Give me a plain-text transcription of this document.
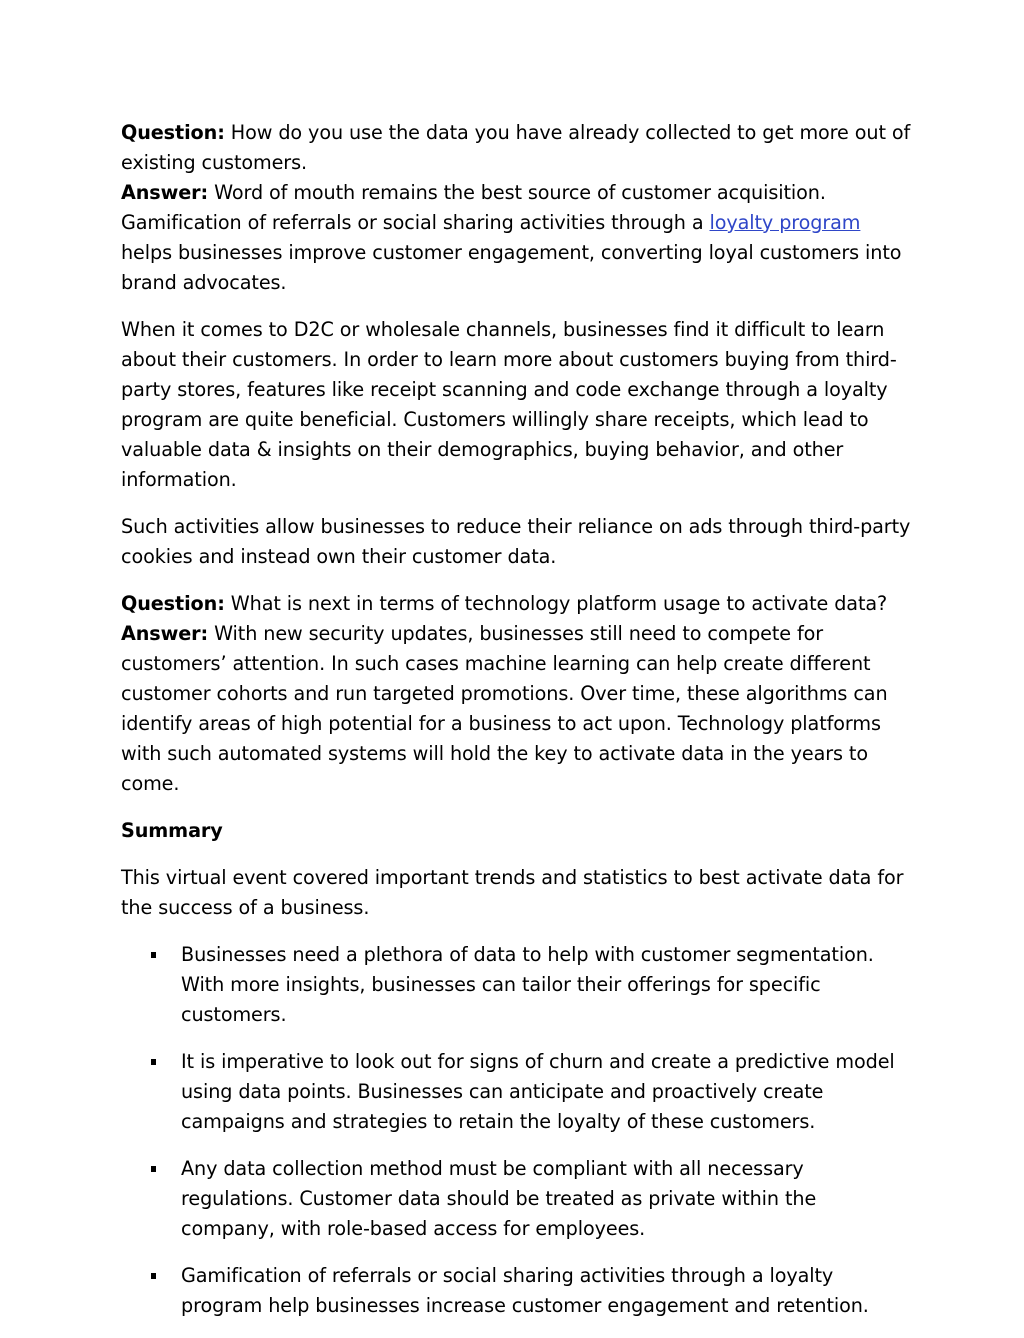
Question: How do you use the data you have already collected to get more out of existing customers.
Answer: Word of mouth remains the best source of customer acquisition. Gamification of referrals or social sharing activities through a loyalty program helps businesses improve customer engagement, converting loyal customers into brand advocates.

When it comes to D2C or wholesale channels, businesses find it difficult to learn about their customers. In order to learn more about customers buying from third-party stores, features like receipt scanning and code exchange through a loyalty program are quite beneficial. Customers willingly share receipts, which lead to valuable data & insights on their demographics, buying behavior, and other information.

Such activities allow businesses to reduce their reliance on ads through third-party cookies and instead own their customer data.

Question: What is next in terms of technology platform usage to activate data?
Answer: With new security updates, businesses still need to compete for customers’ attention. In such cases machine learning can help create different customer cohorts and run targeted promotions. Over time, these algorithms can identify areas of high potential for a business to act upon. Technology platforms with such automated systems will hold the key to activate data in the years to come.

Summary

This virtual event covered important trends and statistics to best activate data for the success of a business.

Businesses need a plethora of data to help with customer segmentation. With more insights, businesses can tailor their offerings for specific customers.
It is imperative to look out for signs of churn and create a predictive model using data points. Businesses can anticipate and proactively create campaigns and strategies to retain the loyalty of these customers.
Any data collection method must be compliant with all necessary regulations. Customer data should be treated as private within the company, with role-based access for employees.
Gamification of referrals or social sharing activities through a loyalty program help businesses increase customer engagement and retention.
